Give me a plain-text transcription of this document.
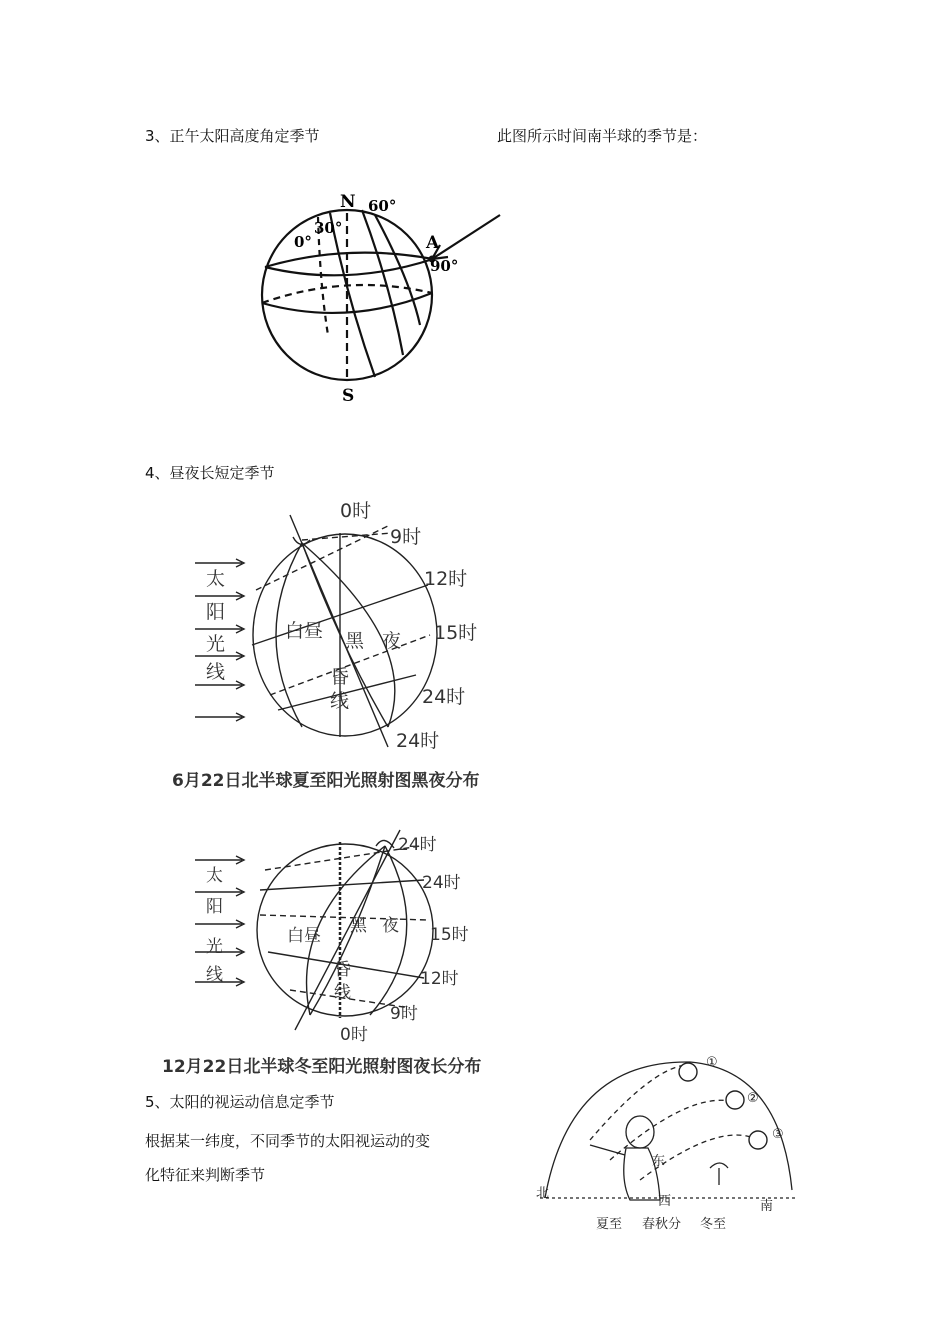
3、正午太阳高度角定季节	此图所示时间南半球的季节是：
N
S
A
0°
30°
60°
90°
4、昼夜长短定季节
太
阳
光
线
白昼 黑 夜
昏
线
0时
9时
12时
15时
24时
24时
6月22日北半球夏至阳光照射图黑夜分布
太
阳
光
线
白昼 黑 夜
昏
线
24时
24时
15时
12时
9时
0时
12月22日北半球冬至阳光照射图夜长分布
5、太阳的视运动信息定季节
根据某一纬度，不同季节的太阳视运动的变
化特征来判断季节
①
②
③
东
西
北
南
夏至 春秋分 冬至
